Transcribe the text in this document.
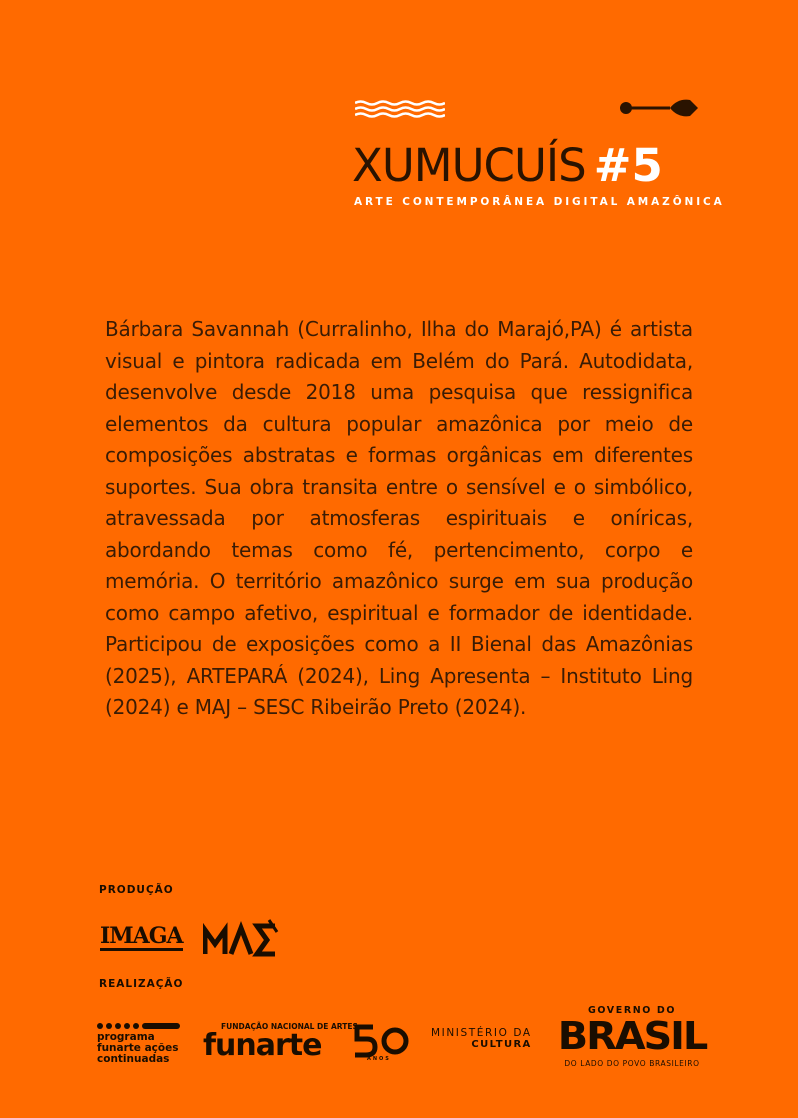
XUMUCUÍS #5
ARTE CONTEMPORÂNEA DIGITAL AMAZÔNICA

Bárbara Savannah (Curralinho, Ilha do Marajó,PA) é artista visual e pintora radicada em Belém do Pará. Autodidata, desenvolve desde 2018 uma pesquisa que ressignifica elementos da cultura popular amazônica por meio de composições abstratas e formas orgânicas em diferentes suportes. Sua obra transita entre o sensível e o simbólico, atravessada por atmosferas espirituais e oníricas, abordando temas como fé, pertencimento, corpo e memória. O território amazônico surge em sua produção como campo afetivo, espiritual e formador de identidade. Participou de exposições como a II Bienal das Amazônias (2025), ARTEPARÁ (2024), Ling Apresenta – Instituto Ling (2024) e MAJ – SESC Ribeirão Preto (2024).

PRODUÇÃO
IMAGA
REALIZAÇÃO
programa
funarte ações
continuadas
FUNDAÇÃO NACIONAL DE ARTES
funarte	ANOS
MINISTÉRIO DA
CULTURA
GOVERNO DO
BRASIL
DO LADO DO POVO BRASILEIRO
